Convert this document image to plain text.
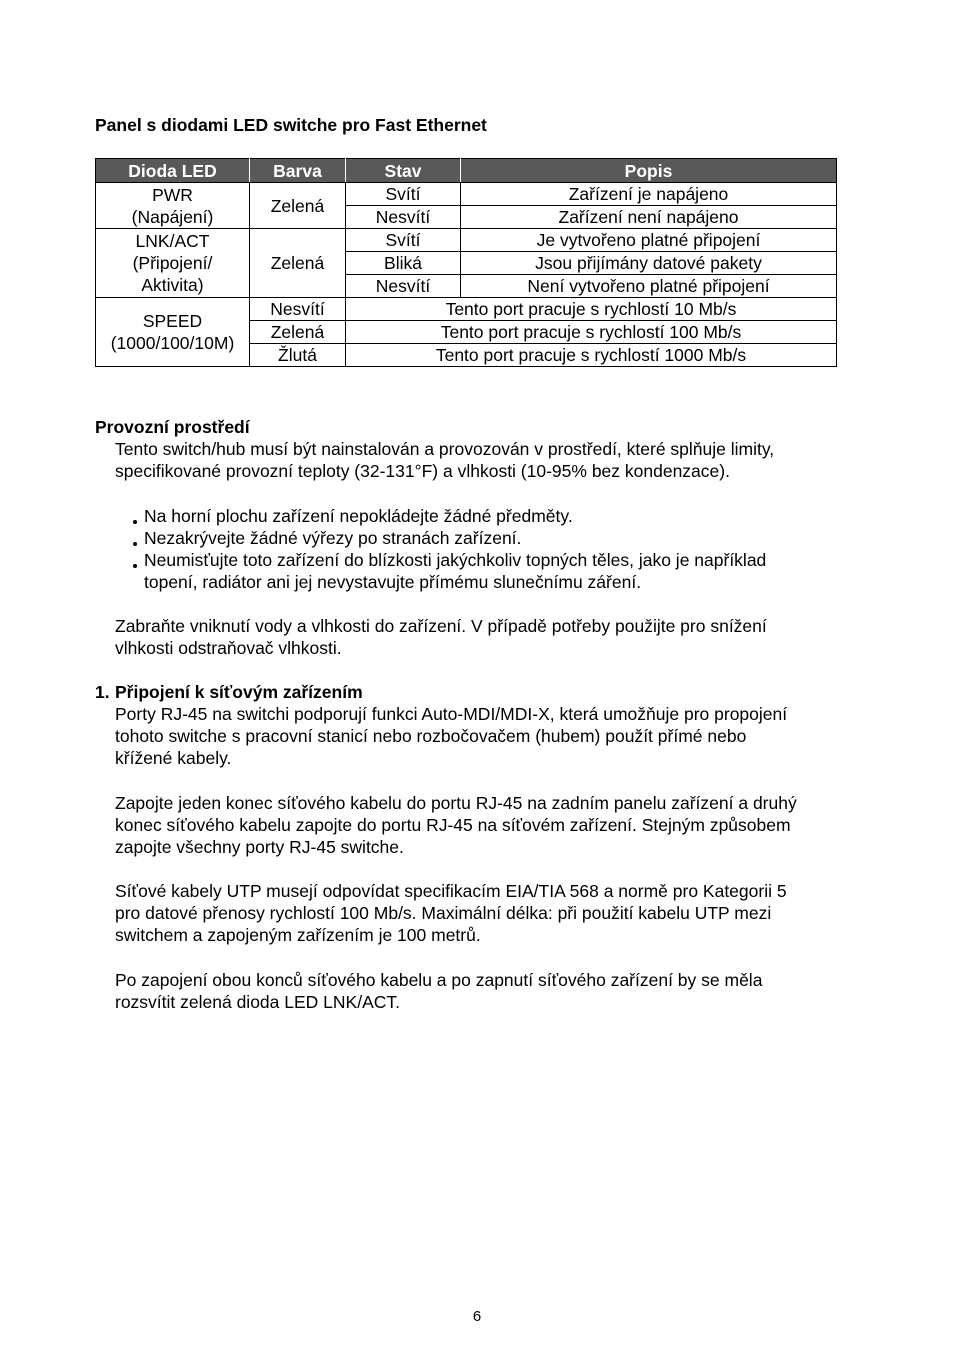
Panel s diodami LED switche pro Fast Ethernet
Dioda LED	Barva	Stav	Popis
PWR
(Napájení)	Zelená	Svítí	Zařízení je napájeno
		Nesvítí	Zařízení není napájeno
LNK/ACT
(Připojení/
Aktivita)	Zelená	Svítí	Je vytvořeno platné připojení
		Bliká	Jsou přijímány datové pakety
		Nesvítí	Není vytvořeno platné připojení
SPEED
(1000/100/10M)	Nesvítí	Tento port pracuje s rychlostí 10 Mb/s	
	Zelená	Tento port pracuje s rychlostí 100 Mb/s	
	Žlutá	Tento port pracuje s rychlostí 1000 Mb/s	
Provozní prostředí
Tento switch/hub musí být nainstalován a provozován v prostředí, které splňuje limity,
specifikované provozní teploty (32-131°F) a vlhkosti (10-95% bez kondenzace).
Na horní plochu zařízení nepokládejte žádné předměty.
Nezakrývejte žádné výřezy po stranách zařízení.
Neumisťujte toto zařízení do blízkosti jakýchkoliv topných těles, jako je například
topení, radiátor ani jej nevystavujte přímému slunečnímu záření.
Zabraňte vniknutí vody a vlhkosti do zařízení. V případě potřeby použijte pro snížení
vlhkosti odstraňovač vlhkosti.
1. Připojení k síťovým zařízením
Porty RJ-45 na switchi podporují funkci Auto-MDI/MDI-X, která umožňuje pro propojení
tohoto switche s pracovní stanicí nebo rozbočovačem (hubem) použít přímé nebo
křížené kabely.
Zapojte jeden konec síťového kabelu do portu RJ-45 na zadním panelu zařízení a druhý
konec síťového kabelu zapojte do portu RJ-45 na síťovém zařízení. Stejným způsobem
zapojte všechny porty RJ-45 switche.
Síťové kabely UTP musejí odpovídat specifikacím EIA/TIA 568 a normě pro Kategorii 5
pro datové přenosy rychlostí 100 Mb/s. Maximální délka: při použití kabelu UTP mezi
switchem a zapojeným zařízením je 100 metrů.
Po zapojení obou konců síťového kabelu a po zapnutí síťového zařízení by se měla
rozsvítit zelená dioda LED LNK/ACT.
6
